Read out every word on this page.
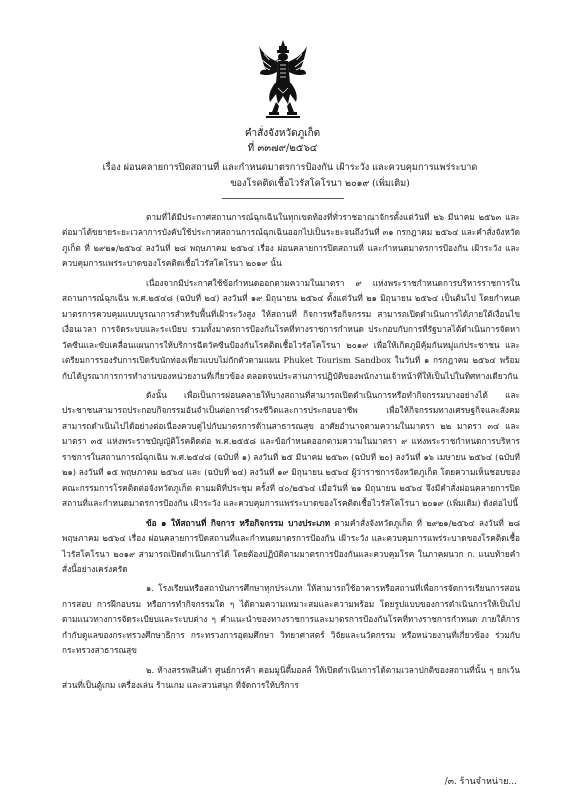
คำสั่งจังหวัดภูเก็ต
ที่ ๓๓๗๙/๒๕๖๔
เรื่อง ผ่อนคลายการปิดสถานที่ และกำหนดมาตรการป้องกัน เฝ้าระวัง และควบคุมการแพร่ระบาด
ของโรคติดเชื้อไวรัสโคโรนา ๒๐๑๙ (เพิ่มเติม)

ตามที่ได้มีประกาศสถานการณ์ฉุกเฉินในทุกเขตท้องที่ทั่วราชอาณาจักรตั้งแต่วันที่ ๒๖ มีนาคม ๒๕๖๓ และต่อมาได้ขยายระยะเวลาการบังคับใช้ประกาศสถานการณ์ฉุกเฉินออกไปเป็นระยะจนถึงวันที่ ๓๑ กรกฎาคม ๒๕๖๔ และคำสั่งจังหวัดภูเก็ต ที่ ๒๙๒๑/๒๕๖๔ ลงวันที่ ๒๘ พฤษภาคม ๒๕๖๔ เรื่อง ผ่อนคลายการปิดสถานที่ และกำหนดมาตรการป้องกัน เฝ้าระวัง และควบคุมการแพร่ระบาดของโรคติดเชื้อไวรัสโคโรนา ๒๐๑๙ นั้น

เนื่องจากมีประกาศใช้ข้อกำหนดออกตามความในมาตรา ๙ แห่งพระราชกำหนดการบริหารราชการในสถานการณ์ฉุกเฉิน พ.ศ.๒๕๔๘ (ฉบับที่ ๒๔) ลงวันที่ ๑๙ มิถุนายน ๒๕๖๔ ตั้งแต่วันที่ ๒๑ มิถุนายน ๒๕๖๔ เป็นต้นไป โดยกำหนดมาตรการควบคุมแบบบูรณาการสำหรับพื้นที่เฝ้าระวังสูง ให้สถานที่ กิจการหรือกิจกรรม สามารถเปิดดำเนินการได้ภายใต้เงื่อนไข เงื่อนเวลา การจัดระบบและระเบียบ รวมทั้งมาตรการป้องกันโรคที่ทางราชการกำหนด ประกอบกับการที่รัฐบาลได้ดำเนินการจัดหาวัคซีนและขับเคลื่อนแผนการให้บริการฉีดวัคซีนป้องกันโรคติดเชื้อไวรัสโคโรนา ๒๐๑๙ เพื่อให้เกิดภูมิคุ้มกันหมู่แก่ประชาชน และเตรียมการรองรับการเปิดรับนักท่องเที่ยวแบบไม่กักตัวตามแผน Phuket Tourism Sandbox ในวันที่ ๑ กรกฎาคม ๒๕๖๔ พร้อมกับได้บูรณาการการทำงานของหน่วยงานที่เกี่ยวข้อง ตลอดจนประสานการปฏิบัติของพนักงานเจ้าหน้าที่ให้เป็นไปในทิศทางเดียวกัน

ดังนั้น เพื่อเป็นการผ่อนคลายให้บางสถานที่สามารถเปิดดำเนินการหรือทำกิจกรรมบางอย่างได้ และประชาชนสามารถประกอบกิจกรรมอันจำเป็นต่อการดำรงชีวิตและการประกอบอาชีพ เพื่อให้กิจกรรมทางเศรษฐกิจและสังคมสามารถดำเนินไปได้อย่างต่อเนื่องควบคู่ไปกับมาตรการด้านสาธารณสุข อาศัยอำนาจตามความในมาตรา ๒๒ มาตรา ๓๔ และมาตรา ๓๕ แห่งพระราชบัญญัติโรคติดต่อ พ.ศ.๒๕๕๘ และข้อกำหนดออกตามความในมาตรา ๙ แห่งพระราชกำหนดการบริหารราชการในสถานการณ์ฉุกเฉิน พ.ศ.๒๕๔๘ (ฉบับที่ ๑) ลงวันที่ ๒๕ มีนาคม ๒๕๖๓ (ฉบับที่ ๒๐) ลงวันที่ ๑๖ เมษายน ๒๕๖๔ (ฉบับที่ ๒๑) ลงวันที่ ๑๕ พฤษภาคม ๒๕๖๔ และ (ฉบับที่ ๒๔) ลงวันที่ ๑๙ มิถุนายน ๒๕๖๔ ผู้ว่าราชการจังหวัดภูเก็ต โดยความเห็นชอบของคณะกรรมการโรคติดต่อจังหวัดภูเก็ต ตามมติที่ประชุม ครั้งที่ ๔๐/๒๕๖๔ เมื่อวันที่ ๒๑ มิถุนายน ๒๕๖๔ จึงมีคำสั่งผ่อนคลายการปิดสถานที่และกำหนดมาตรการป้องกัน เฝ้าระวัง และควบคุมการแพร่ระบาดของโรคติดเชื้อไวรัสโคโรนา ๒๐๑๙ (เพิ่มเติม) ดังต่อไปนี้

ข้อ ๑ ให้สถานที่ กิจการ หรือกิจกรรม บางประเภท ตามคำสั่งจังหวัดภูเก็ต ที่ ๒๙๒๑/๒๕๖๔ ลงวันที่ ๒๘ พฤษภาคม ๒๕๖๔ เรื่อง ผ่อนคลายการปิดสถานที่และกำหนดมาตรการป้องกัน เฝ้าระวัง และควบคุมการแพร่ระบาดของโรคติดเชื้อไวรัสโคโรนา ๒๐๑๙ สามารถเปิดดำเนินการได้ โดยต้องปฏิบัติตามมาตรการป้องกันและควบคุมโรค ในภาคผนวก ก. แนบท้ายคำสั่งนี้อย่างเคร่งครัด

๑. โรงเรียนหรือสถาบันการศึกษาทุกประเภท ให้สามารถใช้อาคารหรือสถานที่เพื่อการจัดการเรียนการสอน การสอบ การฝึกอบรม หรือการทำกิจกรรมใด ๆ ได้ตามความเหมาะสมและความพร้อม โดยรูปแบบของการดำเนินการให้เป็นไปตามแนวทางการจัดระเบียบและระบบต่าง ๆ คำแนะนำของทางราชการและมาตรการป้องกันโรคที่ทางราชการกำหนด ภายใต้การกำกับดูแลของกระทรวงศึกษาธิการ กระทรวงการอุดมศึกษา วิทยาศาสตร์ วิจัยและนวัตกรรม หรือหน่วยงานที่เกี่ยวข้อง ร่วมกับกระทรวงสาธารณสุข

๒. ห้างสรรพสินค้า ศูนย์การค้า คอมมูนิตี้มอลล์ ให้เปิดดำเนินการได้ตามเวลาปกติของสถานที่นั้น ๆ ยกเว้น ส่วนที่เป็นตู้เกม เครื่องเล่น ร้านเกม และสวนสนุก ที่จัดการให้บริการ

/๓. ร้านจำหน่าย...
